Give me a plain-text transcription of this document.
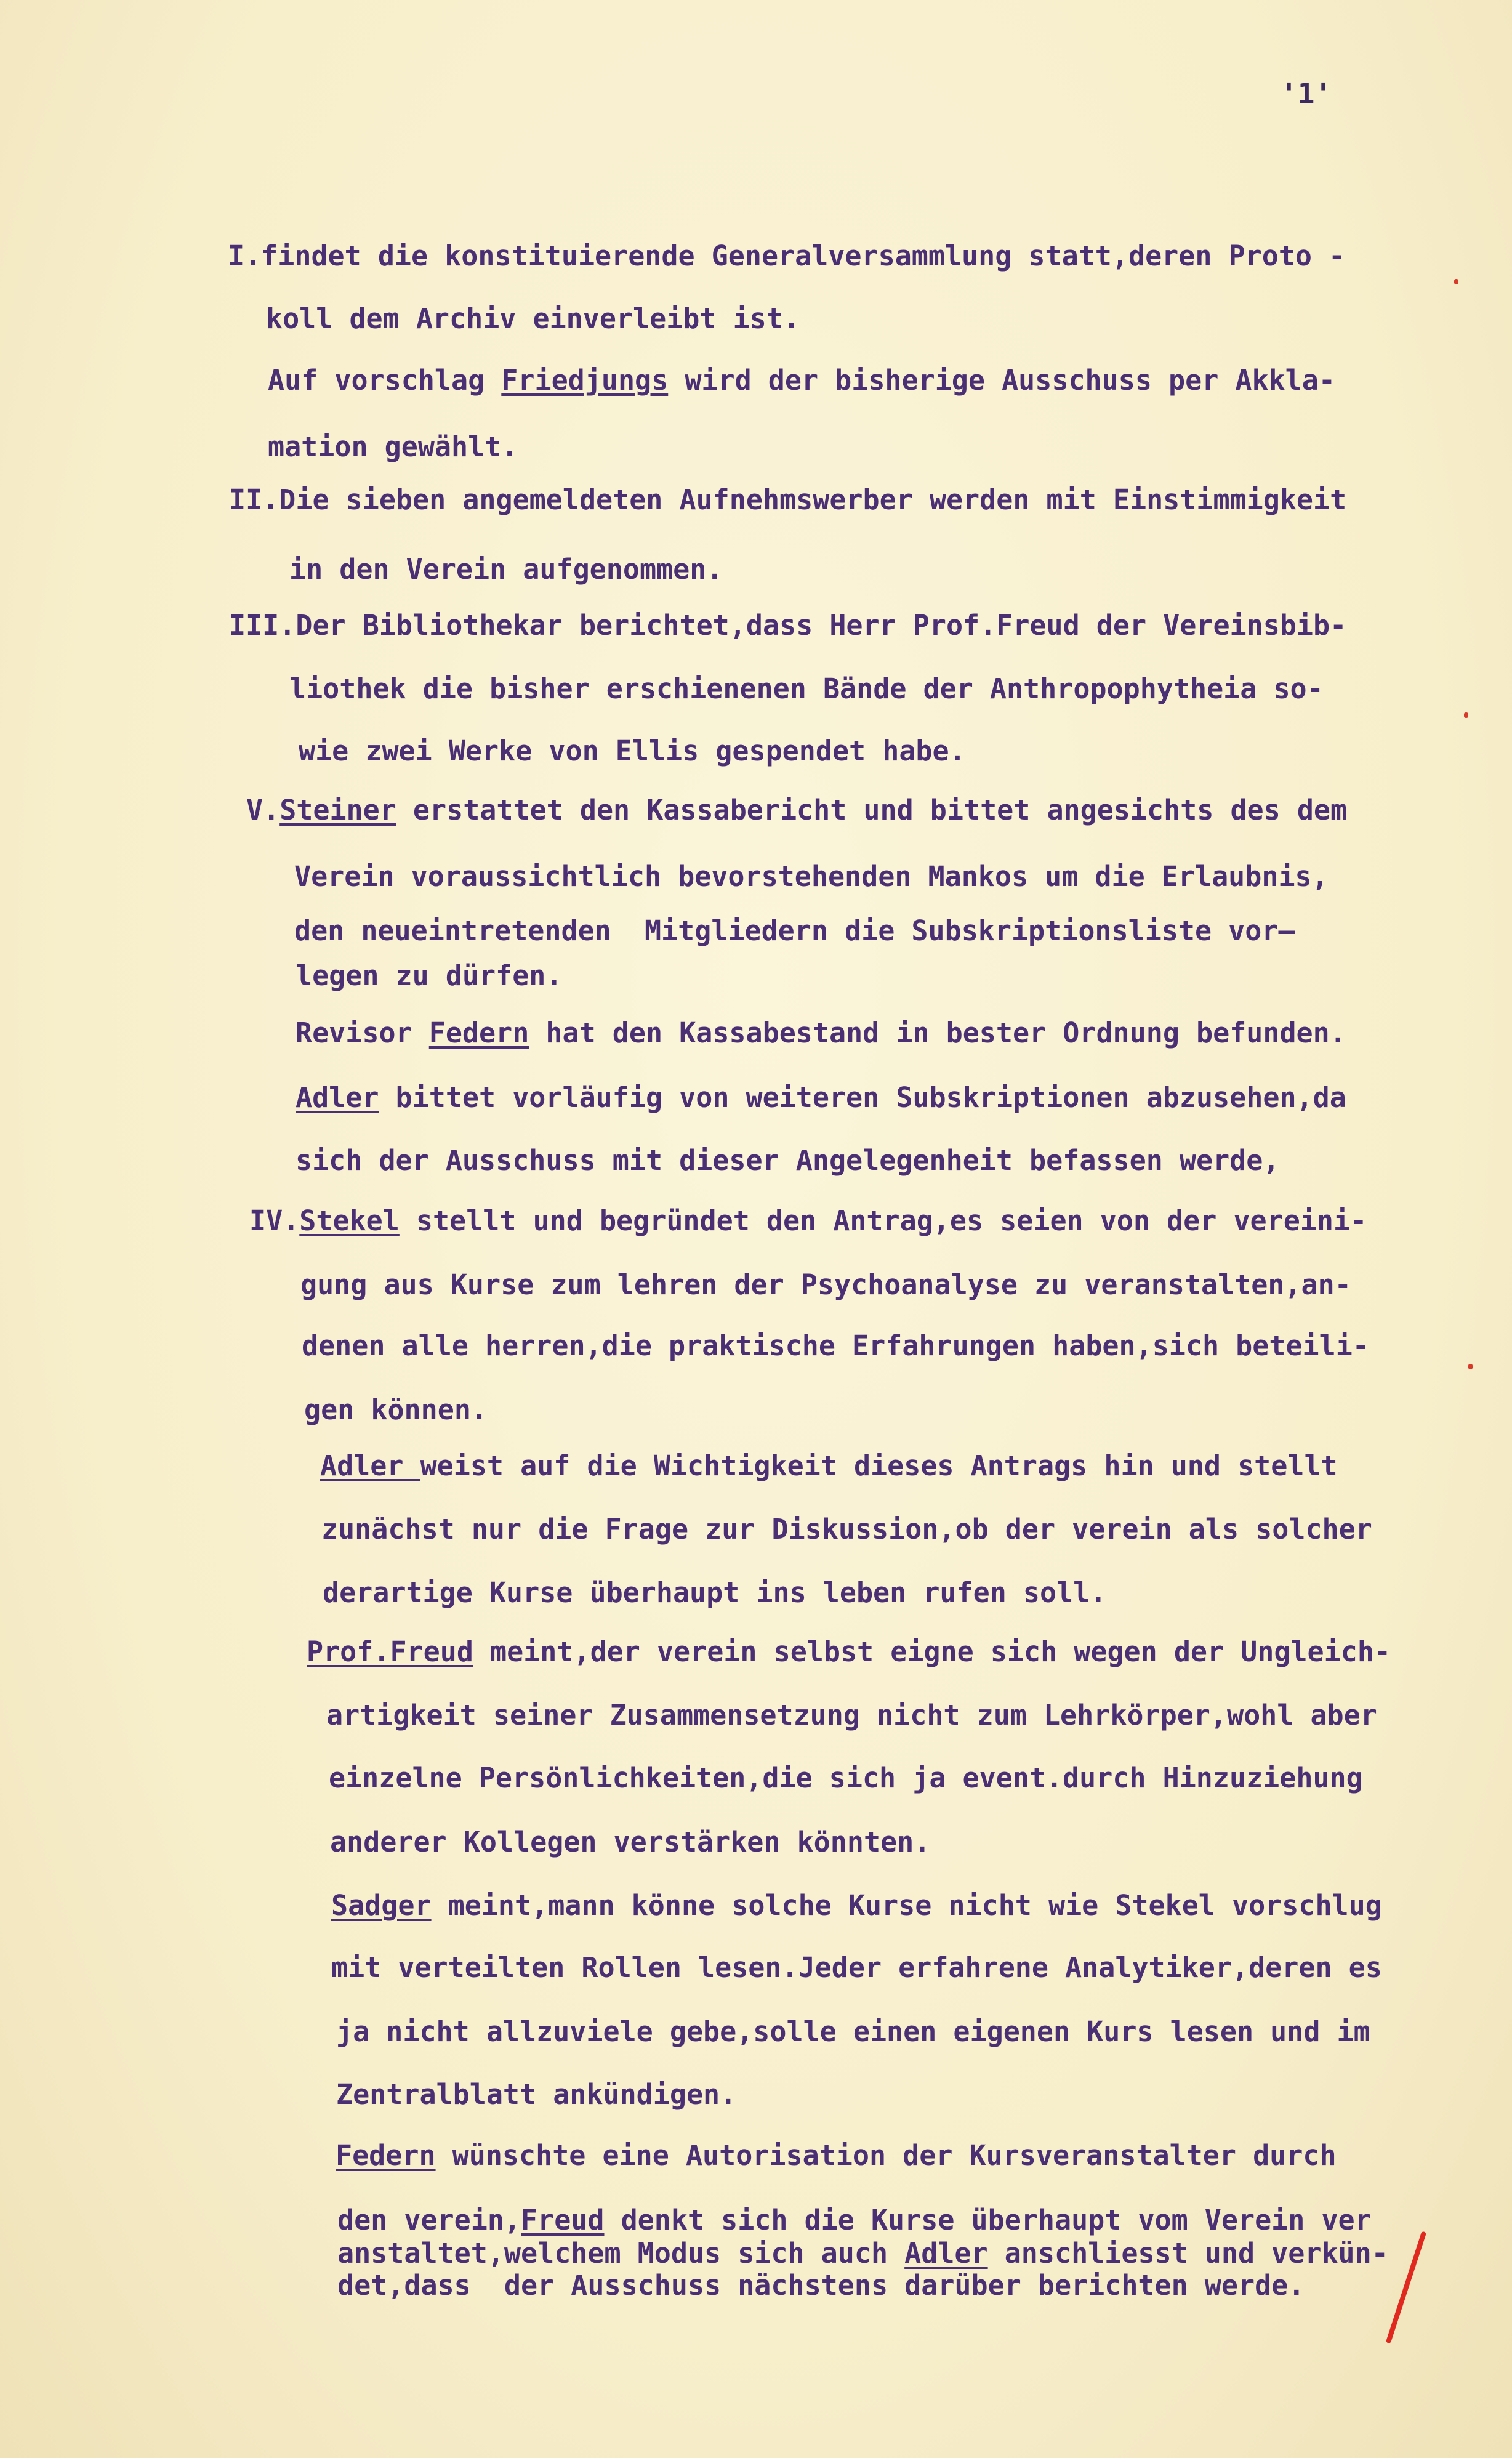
'1'
I.findet die konstituierende Generalversammlung statt,deren Proto -
koll dem Archiv einverleibt ist.
Auf vorschlag Friedjungs wird der bisherige Ausschuss per Akkla-
mation gewählt.
II.Die sieben angemeldeten Aufnehmswerber werden mit Einstimmigkeit
in den Verein aufgenommen.
III.Der Bibliothekar berichtet,dass Herr Prof.Freud der Vereinsbib-
liothek die bisher erschienenen Bände der Anthropophytheia so-
wie zwei Werke von Ellis gespendet habe.
V.Steiner erstattet den Kassabericht und bittet angesichts des dem
Verein voraussichtlich bevorstehenden Mankos um die Erlaubnis,
den neueintretenden  Mitgliedern die Subskriptionsliste vor—
legen zu dürfen.
Revisor Federn hat den Kassabestand in bester Ordnung befunden.
Adler bittet vorläufig von weiteren Subskriptionen abzusehen,da
sich der Ausschuss mit dieser Angelegenheit befassen werde,
IV.Stekel stellt und begründet den Antrag,es seien von der vereini-
gung aus Kurse zum lehren der Psychoanalyse zu veranstalten,an-
denen alle herren,die praktische Erfahrungen haben,sich beteili-
gen können.
Adler weist auf die Wichtigkeit dieses Antrags hin und stellt
zunächst nur die Frage zur Diskussion,ob der verein als solcher
derartige Kurse überhaupt ins leben rufen soll.
Prof.Freud meint,der verein selbst eigne sich wegen der Ungleich-
artigkeit seiner Zusammensetzung nicht zum Lehrkörper,wohl aber
einzelne Persönlichkeiten,die sich ja event.durch Hinzuziehung
anderer Kollegen verstärken könnten.
Sadger meint,mann könne solche Kurse nicht wie Stekel vorschlug
mit verteilten Rollen lesen.Jeder erfahrene Analytiker,deren es
ja nicht allzuviele gebe,solle einen eigenen Kurs lesen und im
Zentralblatt ankündigen.
Federn wünschte eine Autorisation der Kursveranstalter durch
den verein,Freud denkt sich die Kurse überhaupt vom Verein ver
anstaltet,welchem Modus sich auch Adler anschliesst und verkün-
det,dass  der Ausschuss nächstens darüber berichten werde.
